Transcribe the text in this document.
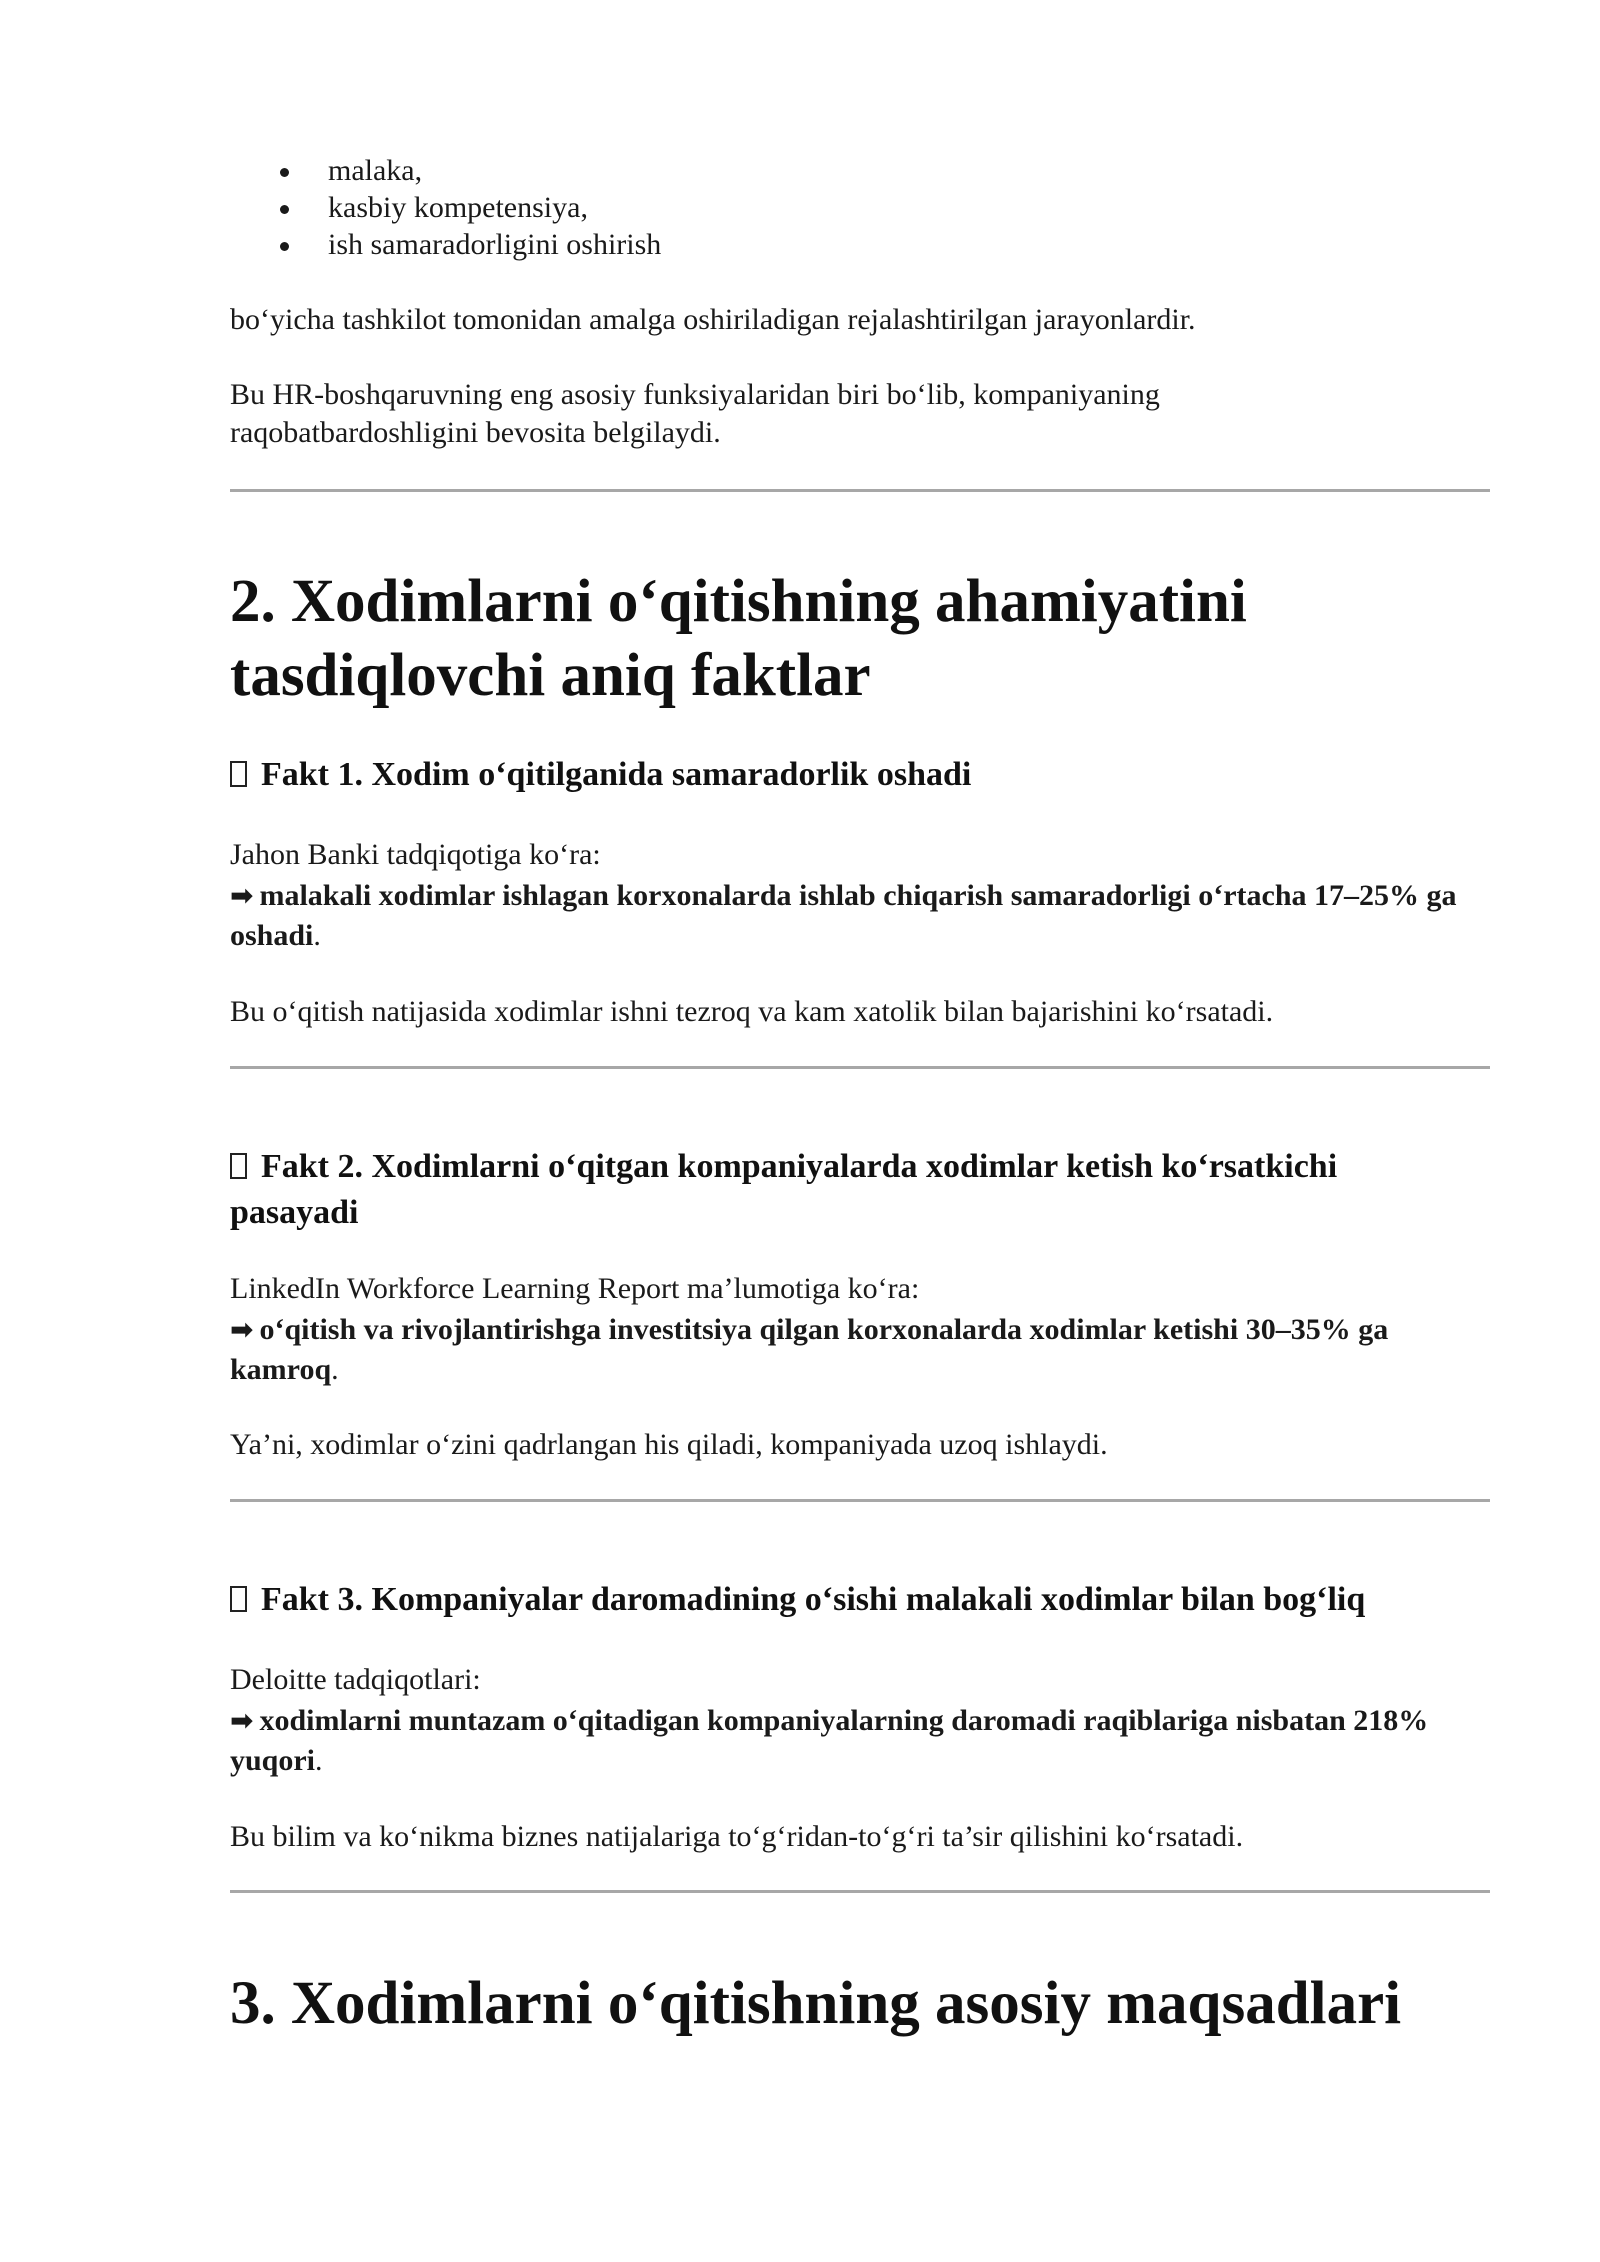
malaka,
kasbiy kompetensiya,
ish samaradorligini oshirish

bo‘yicha tashkilot tomonidan amalga oshiriladigan rejalashtirilgan jarayonlardir.

Bu HR-boshqaruvning eng asosiy funksiyalaridan biri bo‘lib, kompaniyaning raqobatbardoshligini bevosita belgilaydi.

2. Xodimlarni o‘qitishning ahamiyatini tasdiqlovchi aniq faktlar
Fakt 1. Xodim o‘qitilganida samaradorlik oshadi

Jahon Banki tadqiqotiga ko‘ra:

➡ malakali xodimlar ishlagan korxonalarda ishlab chiqarish samaradorligi o‘rtacha 17–25% ga oshadi.

Bu o‘qitish natijasida xodimlar ishni tezroq va kam xatolik bilan bajarishini ko‘rsatadi.

Fakt 2. Xodimlarni o‘qitgan kompaniyalarda xodimlar ketish ko‘rsatkichi pasayadi

LinkedIn Workforce Learning Report ma’lumotiga ko‘ra:

➡ o‘qitish va rivojlantirishga investitsiya qilgan korxonalarda xodimlar ketishi 30–35% ga kamroq.

Ya’ni, xodimlar o‘zini qadrlangan his qiladi, kompaniyada uzoq ishlaydi.

Fakt 3. Kompaniyalar daromadining o‘sishi malakali xodimlar bilan bog‘liq

Deloitte tadqiqotlari:

➡ xodimlarni muntazam o‘qitadigan kompaniyalarning daromadi raqiblariga nisbatan 218% yuqori.

Bu bilim va ko‘nikma biznes natijalariga to‘g‘ridan-to‘g‘ri ta’sir qilishini ko‘rsatadi.

3. Xodimlarni o‘qitishning asosiy maqsadlari
